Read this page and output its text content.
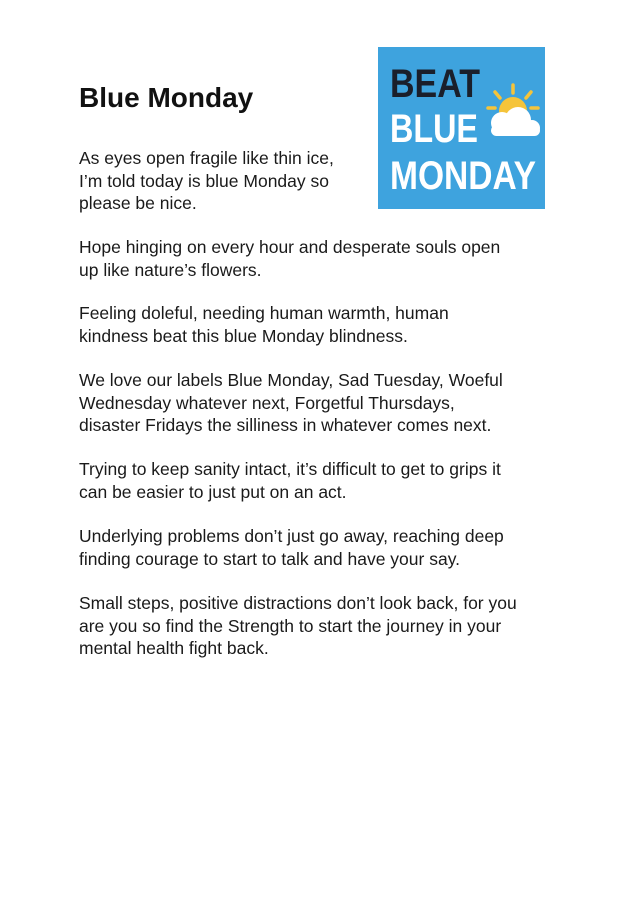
Blue Monday	BEAT
BLUE
MONDAY

As eyes open fragile like thin ice,
I’m told today is blue Monday so
please be nice.

Hope hinging on every hour and desperate souls open
up like nature’s flowers.

Feeling doleful, needing human warmth, human
kindness beat this blue Monday blindness.

We love our labels Blue Monday, Sad Tuesday, Woeful
Wednesday whatever next, Forgetful Thursdays,
disaster Fridays the silliness in whatever comes next.

Trying to keep sanity intact, it’s difficult to get to grips it
can be easier to just put on an act.

Underlying problems don’t just go away, reaching deep
finding courage to start to talk and have your say.

Small steps, positive distractions don’t look back, for you
are you so find the Strength to start the journey in your
mental health fight back.
